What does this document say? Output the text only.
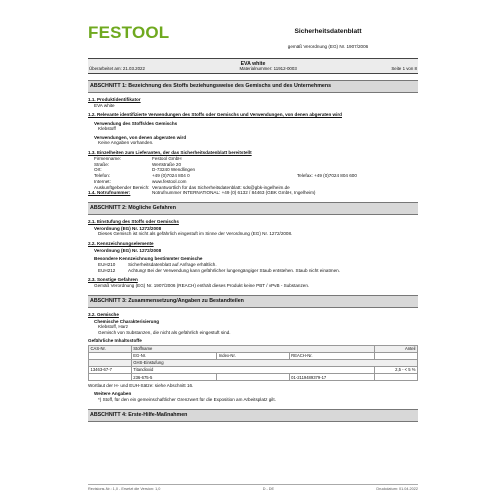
FESTOOL	Sicherheitsdatenblatt
gemäß Verordnung (EG) Nr. 1907/2006
EVA white
Überarbeitet am: 21.03.2022	Materialnummer: 11912-0003	Seite 1 von 8
ABSCHNITT 1: Bezeichnung des Stoffs beziehungsweise des Gemischs und des Unternehmens
1.1. Produktidentifikator
EVA white
1.2. Relevante identifizierte Verwendungen des Stoffs oder Gemischs und Verwendungen, von denen abgeraten wird
Verwendung des Stoffs/des Gemischs
Klebstoff
Verwendungen, von denen abgeraten wird
Keine Angaben vorhanden.
1.3. Einzelheiten zum Lieferanten, der das Sicherheitsdatenblatt bereitstellt
Firmenname:	Festool GmbH
Straße:	Wertstraße 20
Ort:	D-73240 Wendlingen
Telefon:	+49 (0)7024 804 0	Telefax: +49 (0)7024 804 600
Internet:	www.festool.com
Auskunftgebender Bereich: Verantwortlich für das Sicherheitsdatenblatt: sds@gbk-ingelheim.de
1.4. Notrufnummer:	Notrufnummer INTERNATIONAL: +49 (0) 6132 / 84463 (GBK GmbH, Ingelheim)
ABSCHNITT 2: Mögliche Gefahren
2.1. Einstufung des Stoffs oder Gemischs
Verordnung (EG) Nr. 1272/2008
Dieses Gemisch ist nicht als gefährlich eingestuft im Sinne der Verordnung (EG) Nr. 1272/2008.
2.2. Kennzeichnungselemente
Verordnung (EG) Nr. 1272/2008
Besondere Kennzeichnung bestimmter Gemische
EUH210	Sicherheitsdatenblatt auf Anfrage erhältlich.
EUH212	Achtung! Bei der Verwendung kann gefährlicher lungengängiger Staub entstehen. Staub nicht einatmen.
2.3. Sonstige Gefahren
Gemäß Verordnung (EG) Nr. 1907/2006 (REACH) enthält dieses Produkt keine PBT / vPvB - Substanzen.
ABSCHNITT 3: Zusammensetzung/Angaben zu Bestandteilen
3.2. Gemische
Chemische Charakterisierung
Klebstoff, Harz
Gemisch von Substanzen, die nicht als gefährlich eingestuft sind.
Gefährliche Inhaltsstoffe
CAS-Nr.	Stoffname			Anteil
	EG-Nr.	Index-Nr.	REACH-Nr.	
	GHS-Einstufung			
13463-67-7	Titandioxid			2,5 - < 5 %
	236-675-5		01-2119489379-17	
Wortlaut der H- und EUH-Sätze: siehe Abschnitt 16.
Weitere Angaben
*) Stoff, für den ein gemeinschaftlicher Grenzwert für die Exposition am Arbeitsplatz gilt.
ABSCHNITT 4: Erste-Hilfe-Maßnahmen
Revisions-Nr.: 1,0 - Ersetzt die Version: 1,0	D - DE	Druckdatum: 01.04.2022
